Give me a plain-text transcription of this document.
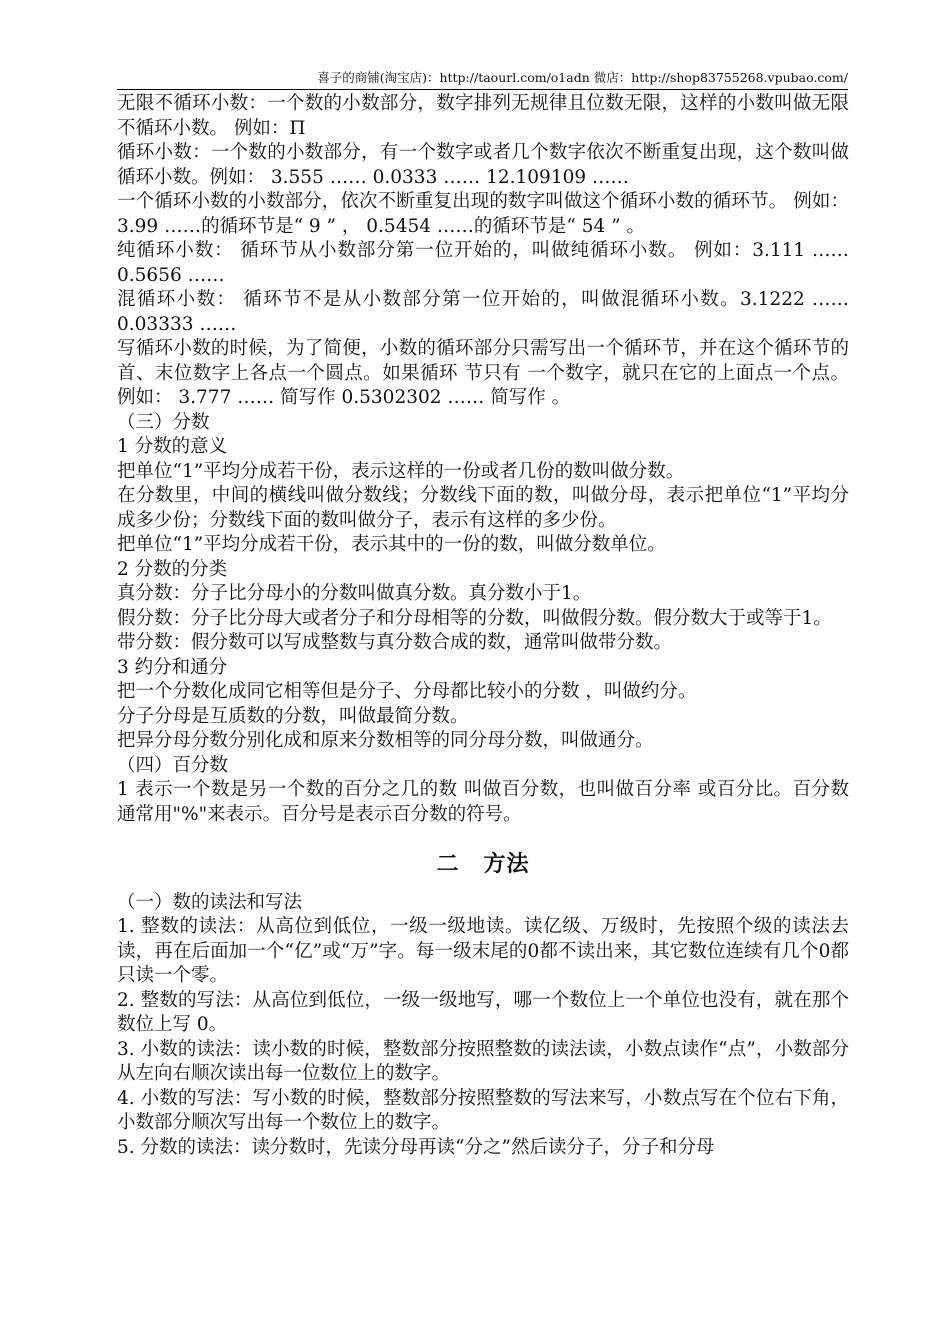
喜子的商铺(淘宝店)：http://taourl.com/o1adn 微店：http://shop83755268.vpubao.com/

无限不循环小数：一个数的小数部分，数字排列无规律且位数无限，这样的小数叫做无限不循环小数。 例如：Π

循环小数：一个数的小数部分，有一个数字或者几个数字依次不断重复出现，这个数叫做循环小数。例如： 3.555 …… 0.0333 …… 12.109109 ……

一个循环小数的小数部分，依次不断重复出现的数字叫做这个循环小数的循环节。 例如： 3.99 ……的循环节是“ 9 ” ， 0.5454 ……的循环节是“ 54 ” 。

纯循环小数： 循环节从小数部分第一位开始的，叫做纯循环小数。 例如：3.111 …… 0.5656 ……

混循环小数： 循环节不是从小数部分第一位开始的，叫做混循环小数。3.1222 …… 0.03333 ……

写循环小数的时候，为了简便，小数的循环部分只需写出一个循环节，并在这个循环节的首、末位数字上各点一个圆点。如果循环 节只有 一个数字，就只在它的上面点一个点。例如： 3.777 …… 简写作 0.5302302 …… 简写作 。

（三）分数

1 分数的意义

把单位“1”平均分成若干份，表示这样的一份或者几份的数叫做分数。

在分数里，中间的横线叫做分数线；分数线下面的数，叫做分母，表示把单位“1”平均分成多少份；分数线下面的数叫做分子，表示有这样的多少份。

把单位“1”平均分成若干份，表示其中的一份的数，叫做分数单位。

2 分数的分类

真分数：分子比分母小的分数叫做真分数。真分数小于1。

假分数：分子比分母大或者分子和分母相等的分数，叫做假分数。假分数大于或等于1。

带分数：假分数可以写成整数与真分数合成的数，通常叫做带分数。

3 约分和通分

把一个分数化成同它相等但是分子、分母都比较小的分数 ，叫做约分。

分子分母是互质数的分数，叫做最简分数。

把异分母分数分别化成和原来分数相等的同分母分数，叫做通分。

（四）百分数

1 表示一个数是另一个数的百分之几的数 叫做百分数，也叫做百分率 或百分比。百分数通常用"%"来表示。百分号是表示百分数的符号。

二 方法

（一）数的读法和写法

1. 整数的读法：从高位到低位，一级一级地读。读亿级、万级时，先按照个级的读法去读，再在后面加一个“亿”或“万”字。每一级末尾的0都不读出来，其它数位连续有几个0都只读一个零。

2. 整数的写法：从高位到低位，一级一级地写，哪一个数位上一个单位也没有，就在那个数位上写 0。

3. 小数的读法：读小数的时候，整数部分按照整数的读法读，小数点读作“点”，小数部分从左向右顺次读出每一位数位上的数字。

4. 小数的写法：写小数的时候，整数部分按照整数的写法来写，小数点写在个位右下角，小数部分顺次写出每一个数位上的数字。

5. 分数的读法：读分数时，先读分母再读“分之”然后读分子，分子和分母
